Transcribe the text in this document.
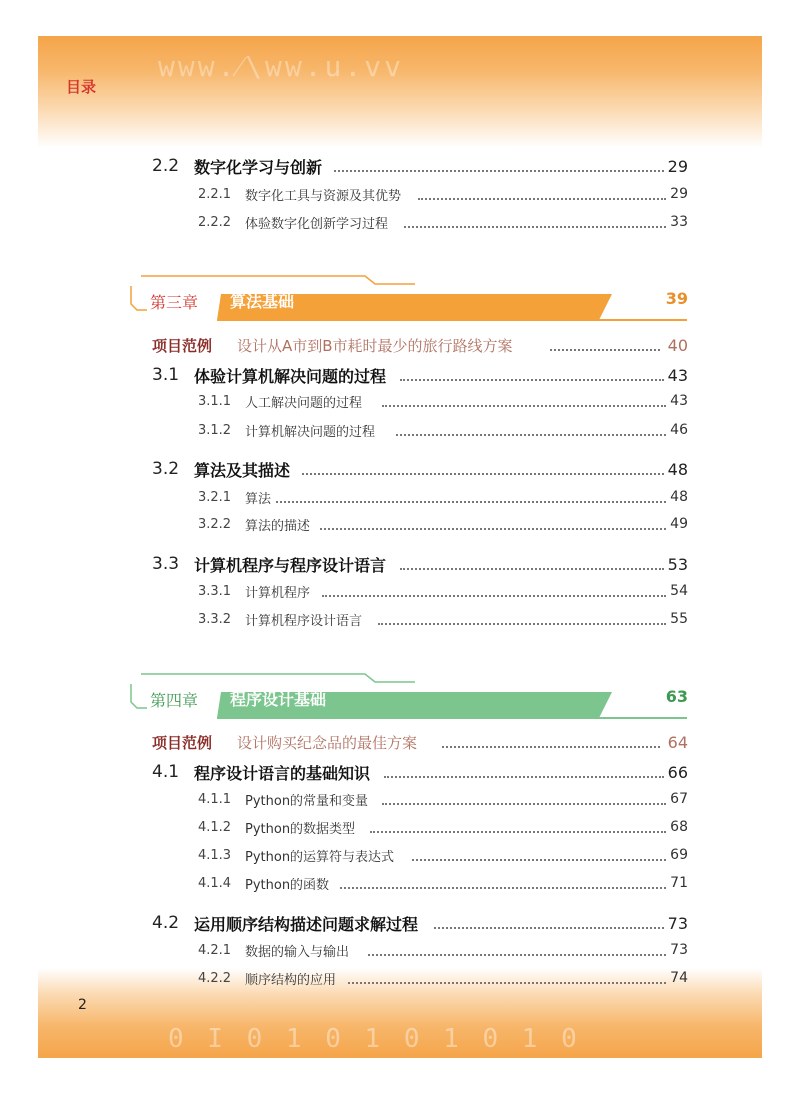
www.⁄\ww.u.vv
目录
0 I 0 1 0 1 0 1 0 1 0
2
2.2 数字化学习与创新	29
2.2.1 数字化工具与资源及其优势	29
2.2.2 体验数字化创新学习过程	33
第三章 算法基础	39
项目范例 设计从A市到B市耗时最少的旅行路线方案	40
3.1 体验计算机解决问题的过程	43
3.1.1 人工解决问题的过程	43
3.1.2 计算机解决问题的过程	46
3.2 算法及其描述	48
3.2.1 算法	48
3.2.2 算法的描述	49
3.3 计算机程序与程序设计语言	53
3.3.1 计算机程序	54
3.3.2 计算机程序设计语言	55
第四章 程序设计基础	63
项目范例 设计购买纪念品的最佳方案	64
4.1 程序设计语言的基础知识	66
4.1.1 Python的常量和变量	67
4.1.2 Python的数据类型	68
4.1.3 Python的运算符与表达式	69
4.1.4 Python的函数	71
4.2 运用顺序结构描述问题求解过程	73
4.2.1 数据的输入与输出	73
4.2.2 顺序结构的应用	74
